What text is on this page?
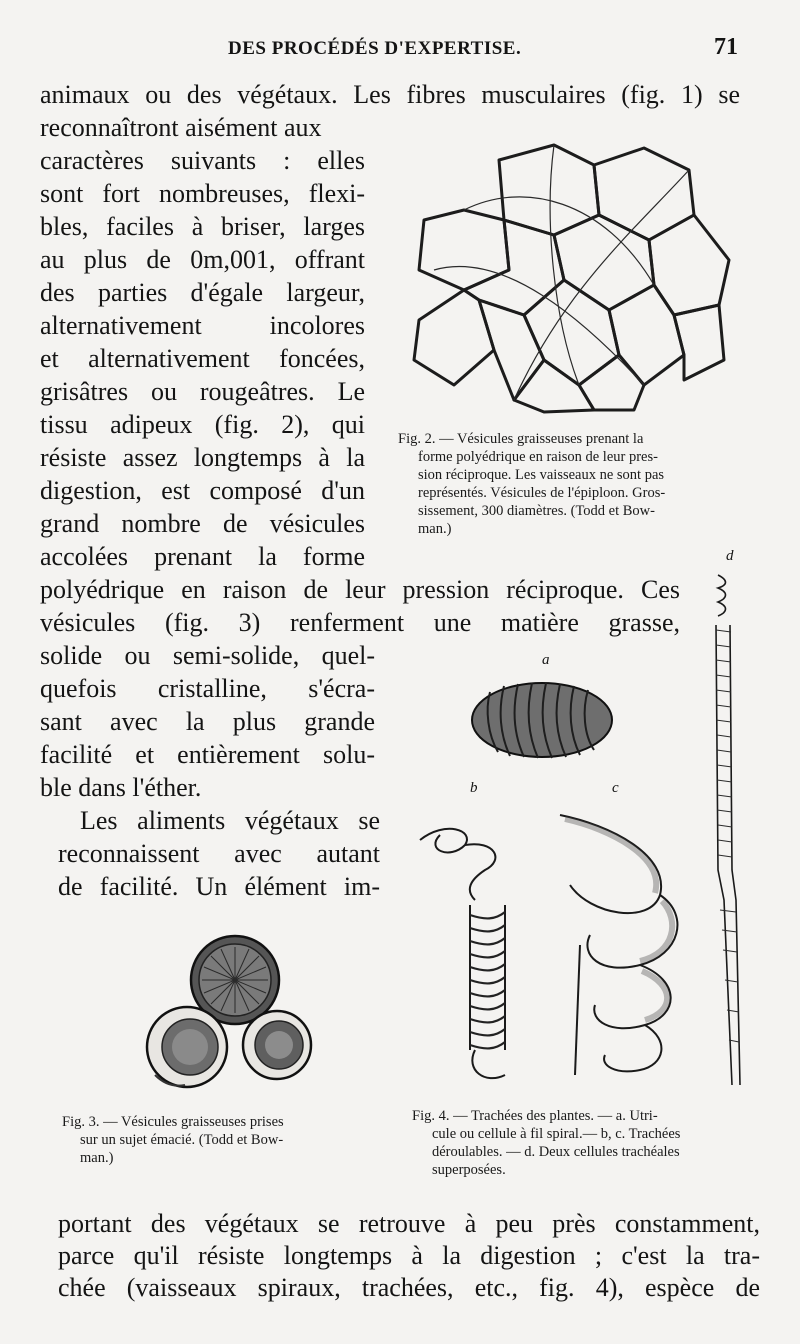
DES PROCÉDÉS D'EXPERTISE.	71
animaux ou des végétaux. Les fibres musculaires (fig. 1) se
reconnaîtront aisément aux
caractères suivants : elles
sont fort nombreuses, flexi-
bles, faciles à briser, larges
au plus de 0m,001, offrant
des parties d'égale largeur,
alternativement incolores
et alternativement foncées,
grisâtres ou rougeâtres. Le
tissu adipeux (fig. 2), qui
résiste assez longtemps à la
digestion, est composé d'un
grand nombre de vésicules
accolées prenant la forme
polyédrique en raison de leur pression réciproque. Ces
vésicules (fig. 3) renferment une matière grasse,
solide ou semi-solide, quel-
quefois cristalline, s'écra-
sant avec la plus grande
facilité et entièrement solu-
ble dans l'éther.
Les aliments végétaux se
reconnaissent avec autant
de facilité. Un élément im-
portant des végétaux se retrouve à peu près constamment,
parce qu'il résiste longtemps à la digestion ; c'est la tra-
chée (vaisseaux spiraux, trachées, etc., fig. 4), espèce de
Fig. 2. — Vésicules graisseuses prenant la
forme polyédrique en raison de leur pres-
sion réciproque. Les vaisseaux ne sont pas
représentés. Vésicules de l'épiploon. Gros-
sissement, 300 diamètres. (Todd et Bow-
man.)
d
a
b	c
Fig. 4. — Trachées des plantes. — a. Utri-
cule ou cellule à fil spiral.— b, c. Trachées
déroulables. — d. Deux cellules trachéales
superposées.
Fig. 3. — Vésicules graisseuses prises
sur un sujet émacié. (Todd et Bow-
man.)
